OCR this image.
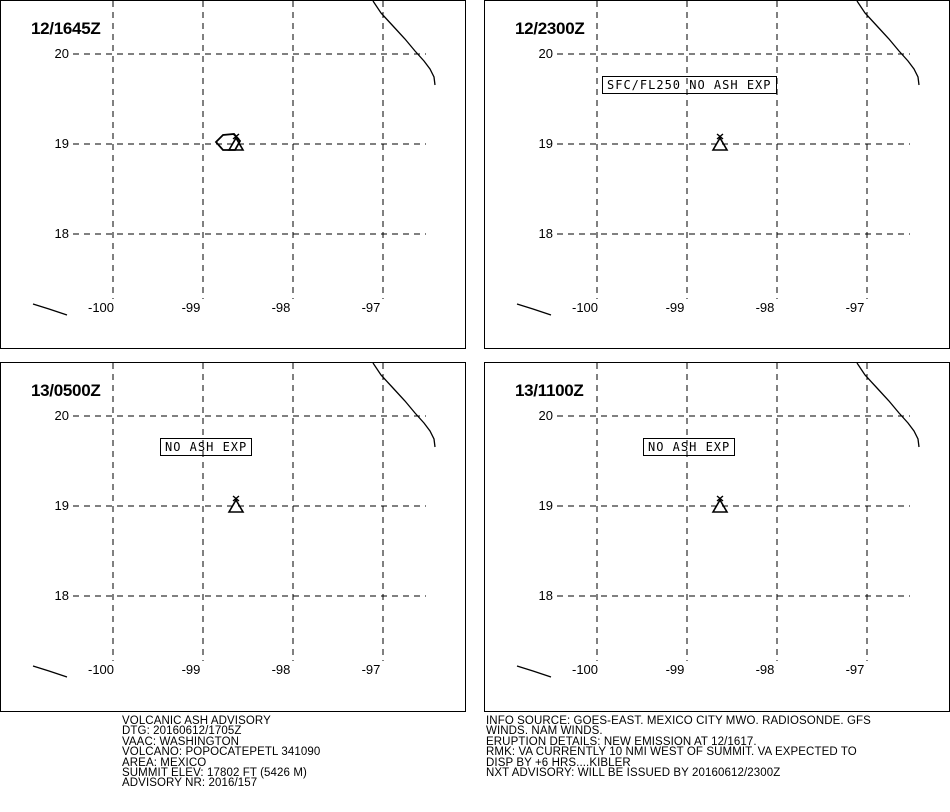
12/1645Z
20
19
18
-100	-99	-98	-97
12/2300Z
SFC/FL250 NO ASH EXP
20
19
18
-100	-99	-98	-97
13/0500Z
NO ASH EXP
20
19
18
-100	-99	-98	-97
13/1100Z
NO ASH EXP
20
19
18
-100	-99	-98	-97
VOLCANIC ASH ADVISORY
DTG: 20160612/1705Z
VAAC: WASHINGTON
VOLCANO: POPOCATEPETL 341090
AREA: MEXICO
SUMMIT ELEV: 17802 FT (5426 M)
ADVISORY NR: 2016/157
INFO SOURCE: GOES-EAST. MEXICO CITY MWO. RADIOSONDE. GFS
WINDS. NAM WINDS.
ERUPTION DETAILS: NEW EMISSION AT 12/1617.
RMK: VA CURRENTLY 10 NMI WEST OF SUMMIT. VA EXPECTED TO
DISP BY +6 HRS....KIBLER
NXT ADVISORY: WILL BE ISSUED BY 20160612/2300Z
